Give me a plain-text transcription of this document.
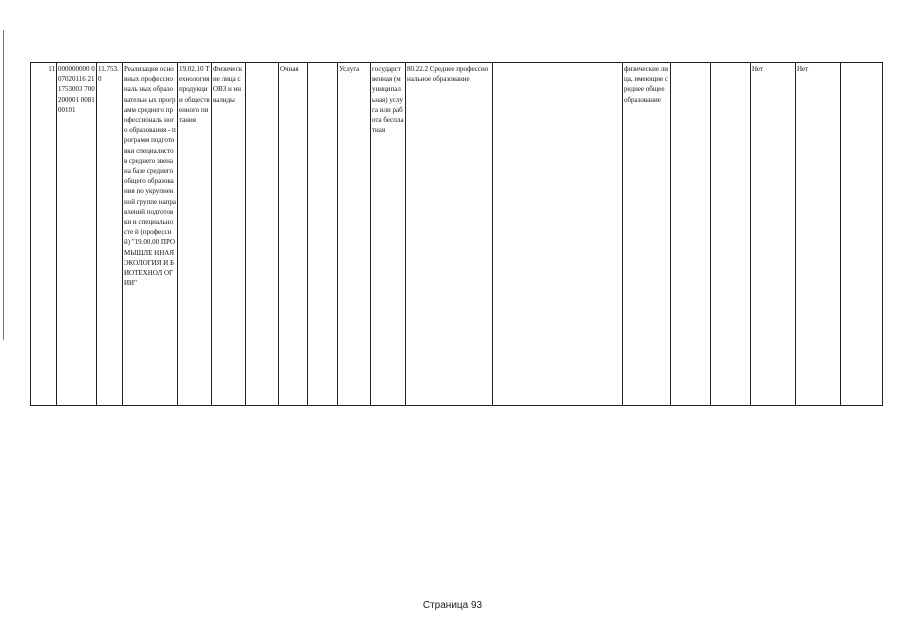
11	000000000 007020116 211753003 700200001 008100101	11.753.0	Реализация основных профессиональ ных образовательн ых программ среднего профессиональ ного образования - программ подготовки специалистов среднего звена на базе среднего общего образования по укрупненной группе направлений подготовки и специальносте й (профессий) "19.00.00 ПРОМЫШЛЕ ННАЯ ЭКОЛОГИЯ И БИОТЕХНОЛ ОГИИ"	19.02.10 Технология продукции общественного питания	Физические лица с ОВЗ и инвалиды		Очная		Услуга	государственная (муниципальная) услуга или работа бесплатная	80.22.2 Среднее профессиональное образование		физические лица, имеющие среднее общее образование			Нет	Нет	
Страница 93
